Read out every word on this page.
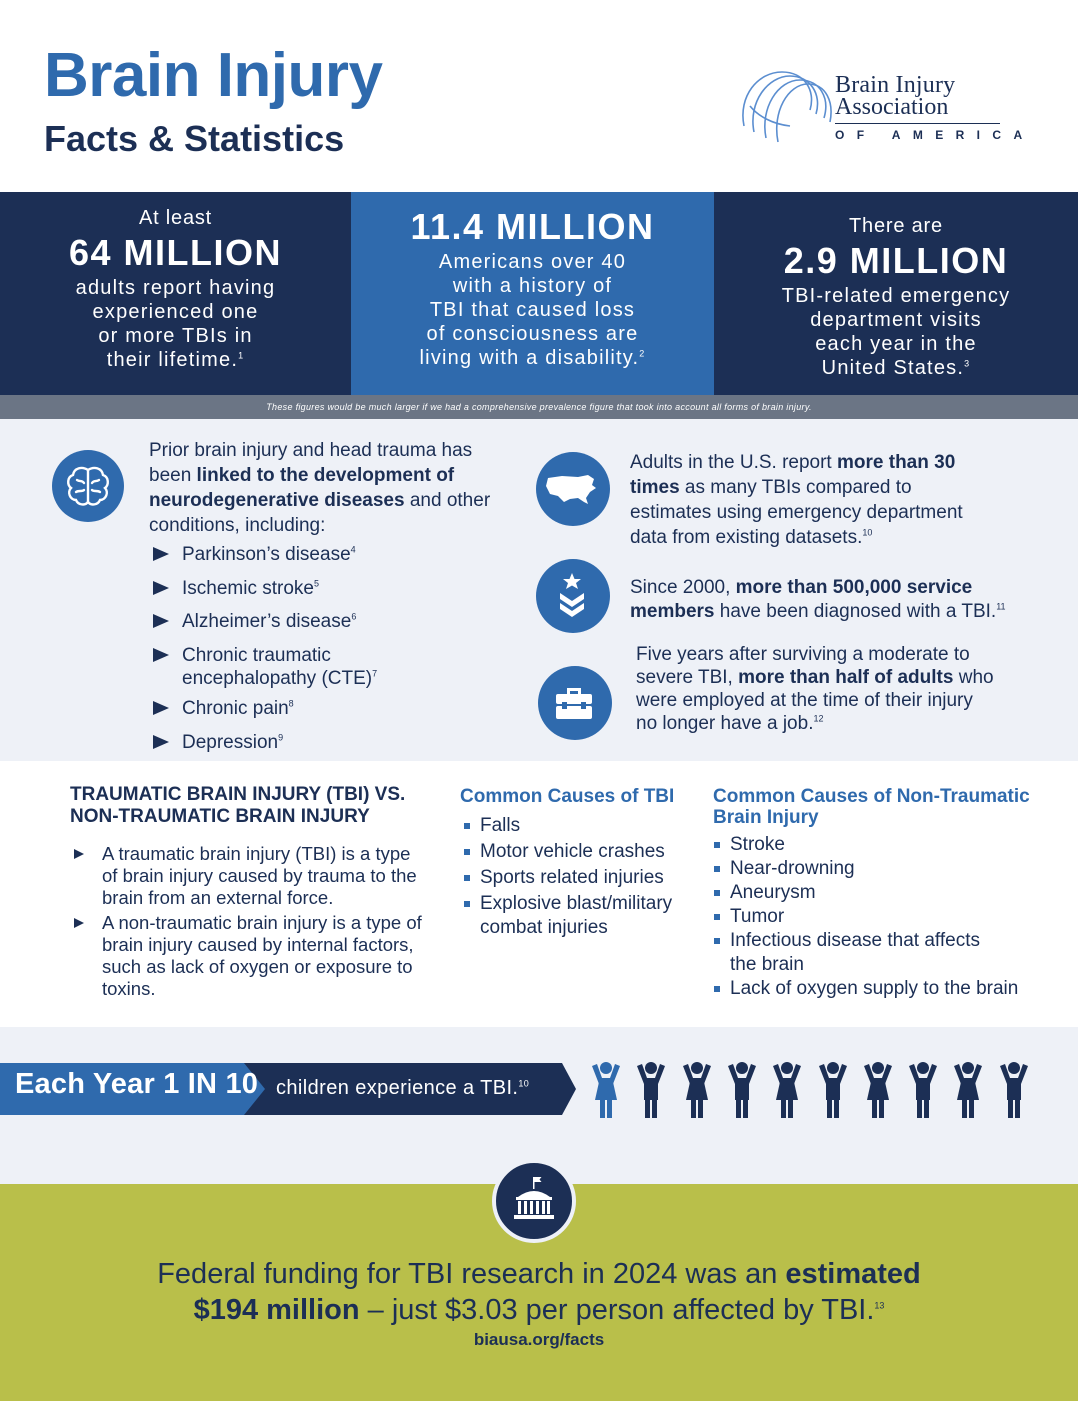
Brain Injury
Facts & Statistics
Brain Injury
Association
OF AMERICA
At least
64 MILLION
adults report having
experienced one
or more TBIs in
their lifetime.$^1$
11.4 MILLION
Americans over 40
with a history of
TBI that caused loss
of consciousness are
living with a disability.$^2$
There are
2.9 MILLION
TBI-related emergency
department visits
each year in the
United States.$^3$
These figures would be much larger if we had a comprehensive prevalence figure that took into account all forms of brain injury.
Prior brain injury and head trauma has been linked to the development of neurodegenerative diseases and other conditions, including:
Parkinson’s disease$^4$
Ischemic stroke$^5$
Alzheimer’s disease$^6$
Chronic traumatic encephalopathy (CTE)$^7$
Chronic pain$^8$
Depression$^9$
Adults in the U.S. report more than 30 times as many TBIs compared to estimates using emergency department data from existing datasets.$^{10}$
Since 2000, more than 500,000 service members have been diagnosed with a TBI.$^{11}$
Five years after surviving a moderate to severe TBI, more than half of adults who were employed at the time of their injury no longer have a job.$^{12}$
TRAUMATIC BRAIN INJURY (TBI) VS. NON-TRAUMATIC BRAIN INJURY
A traumatic brain injury (TBI) is a type of brain injury caused by trauma to the brain from an external force.
A non-traumatic brain injury is a type of brain injury caused by internal factors, such as lack of oxygen or exposure to toxins.
Common Causes of TBI
Falls
Motor vehicle crashes
Sports related injuries
Explosive blast/military combat injuries
Common Causes of Non-Traumatic Brain Injury
Stroke
Near-drowning
Aneurysm
Tumor
Infectious disease that affects the brain
Lack of oxygen supply to the brain
Each Year 1 IN 10 children experience a TBI.$^{10}$
Federal funding for TBI research in 2024 was an estimated
$194 million – just $3.03 per person affected by TBI.$^{13}$
biausa.org/facts
